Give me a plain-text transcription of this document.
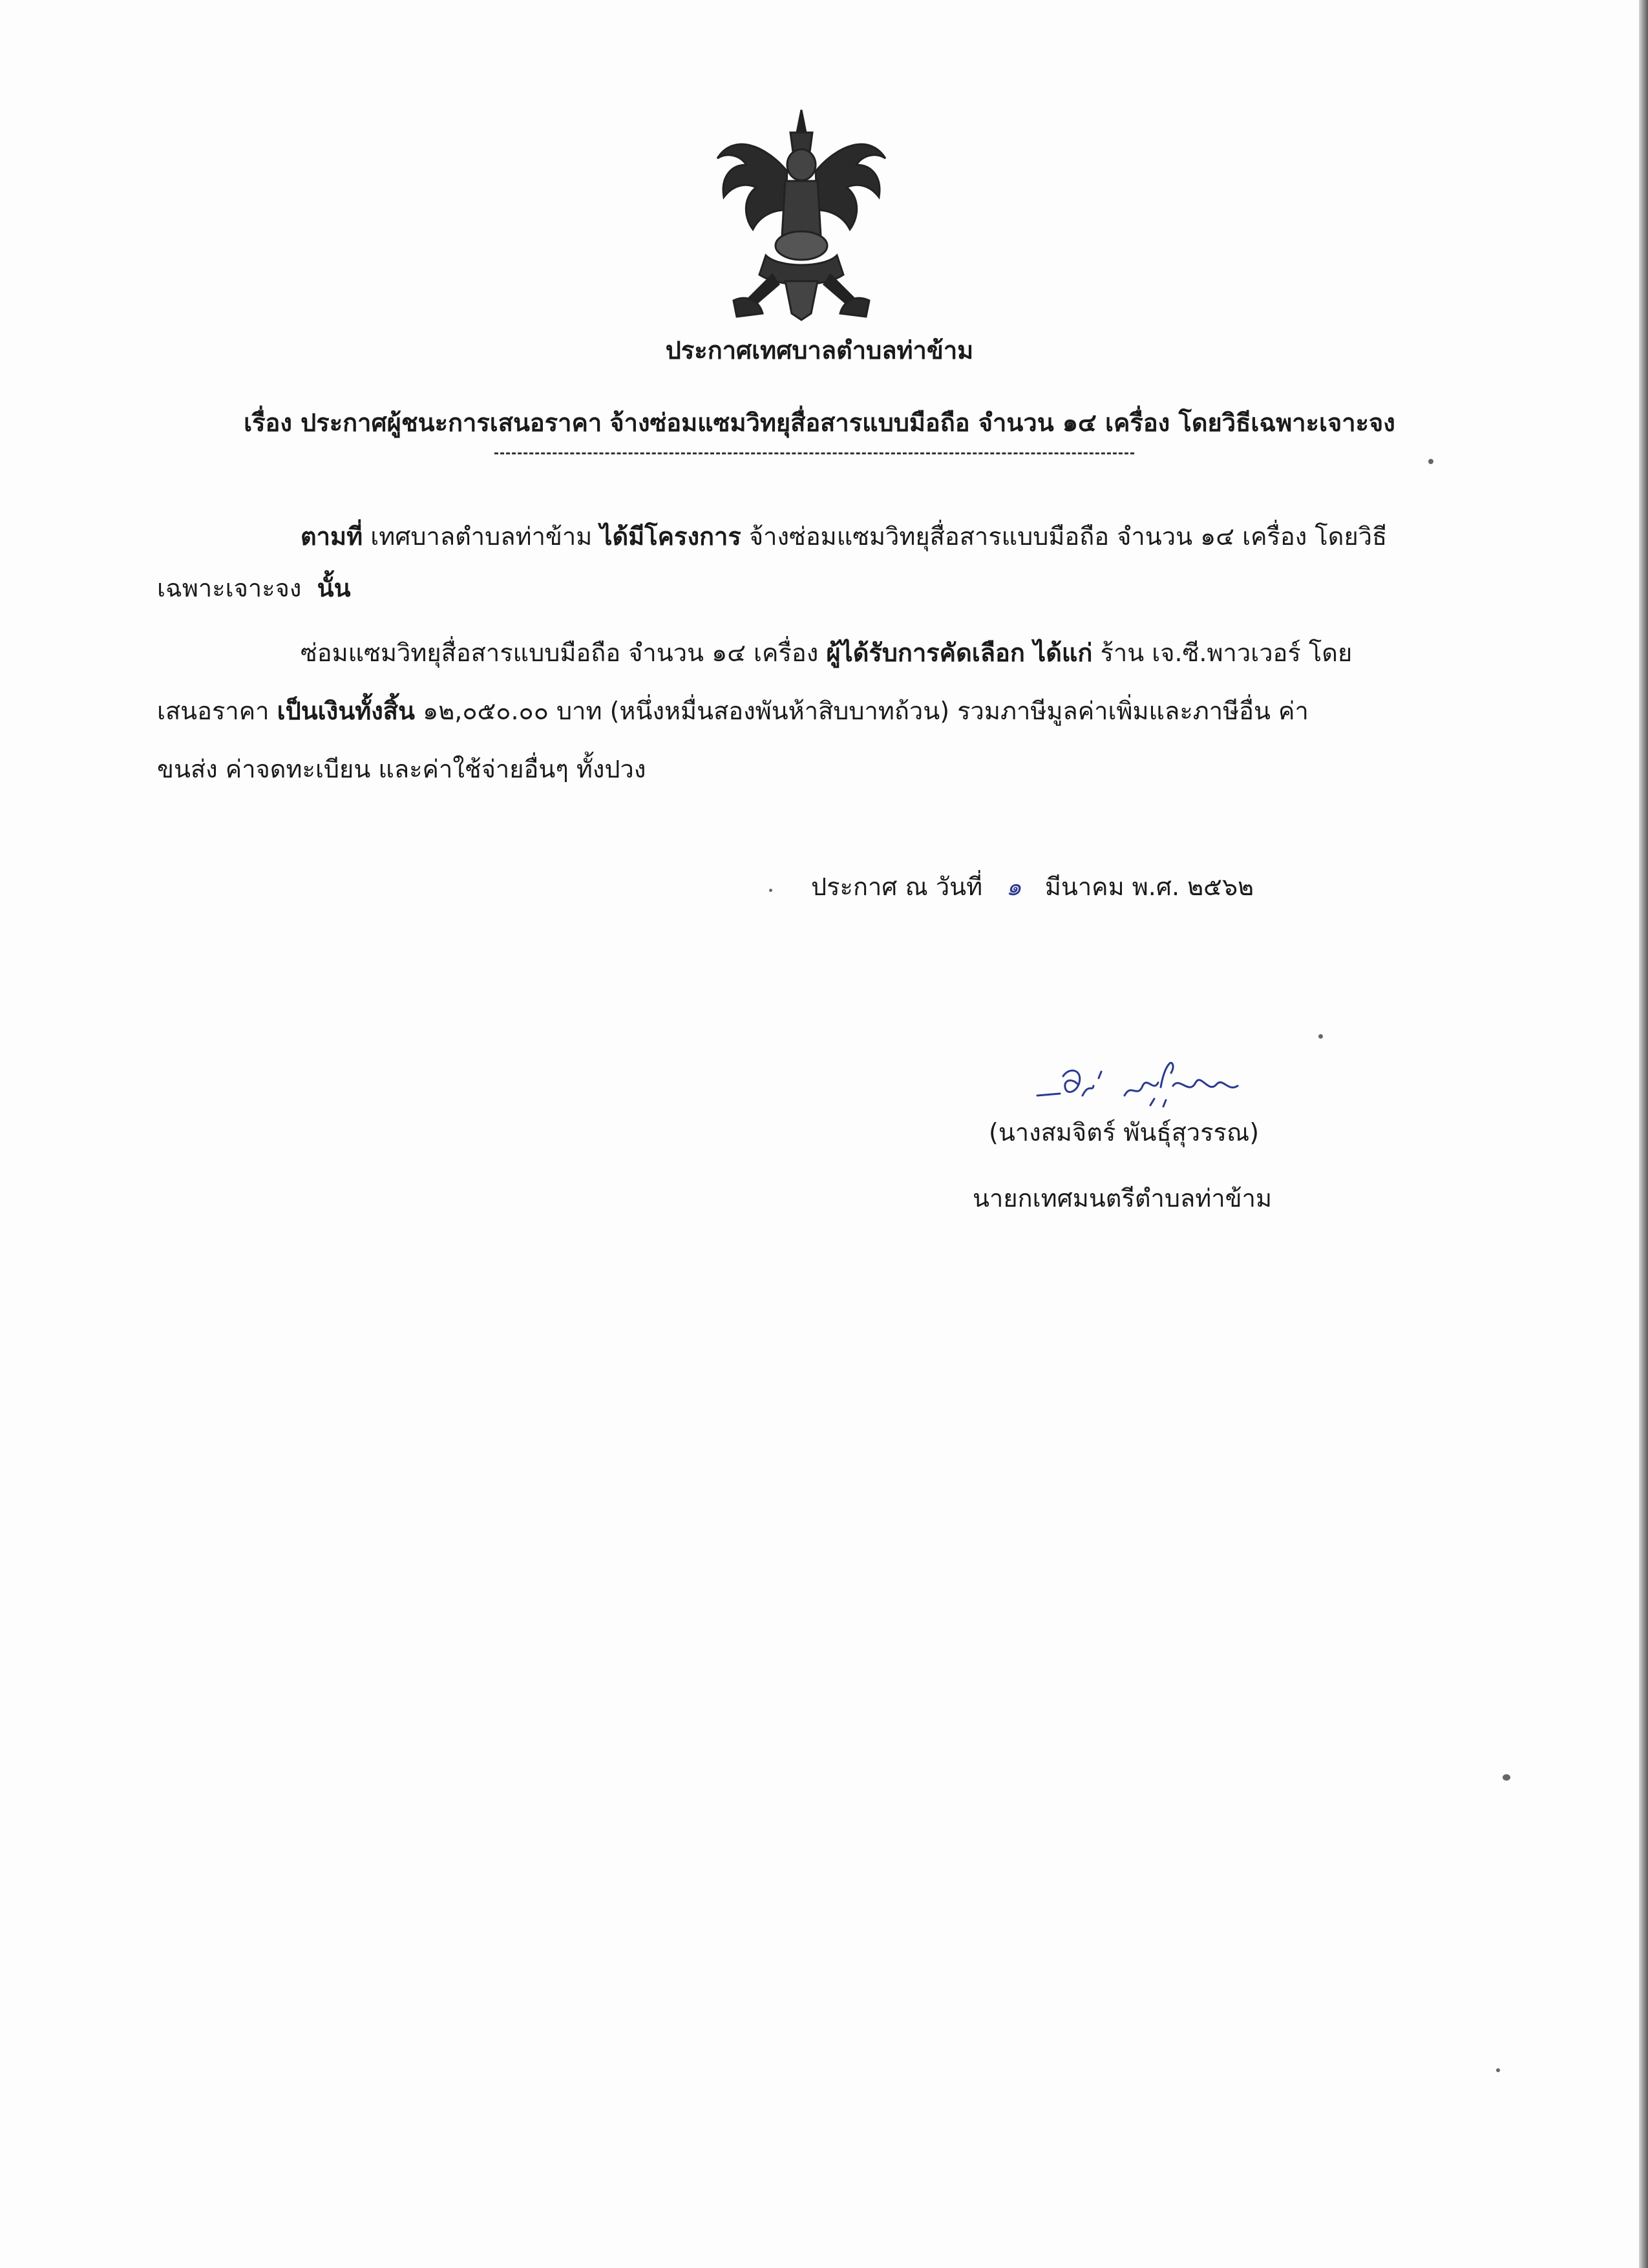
ประกาศเทศบาลตำบลท่าข้าม
เรื่อง ประกาศผู้ชนะการเสนอราคา จ้างซ่อมแซมวิทยุสื่อสารแบบมือถือ จำนวน ๑๔ เครื่อง โดยวิธีเฉพาะเจาะจง
ตามที่ เทศบาลตำบลท่าข้าม ได้มีโครงการ จ้างซ่อมแซมวิทยุสื่อสารแบบมือถือ จำนวน ๑๔ เครื่อง โดยวิธี
เฉพาะเจาะจง นั้น
ซ่อมแซมวิทยุสื่อสารแบบมือถือ จำนวน ๑๔ เครื่อง ผู้ได้รับการคัดเลือก ได้แก่ ร้าน เจ.ซี.พาวเวอร์ โดย
เสนอราคา เป็นเงินทั้งสิ้น ๑๒,๐๕๐.๐๐ บาท (หนึ่งหมื่นสองพันห้าสิบบาทถ้วน) รวมภาษีมูลค่าเพิ่มและภาษีอื่น ค่า
ขนส่ง ค่าจดทะเบียน และค่าใช้จ่ายอื่นๆ ทั้งปวง
ประกาศ ณ วันที่ ๑ มีนาคม พ.ศ. ๒๕๖๒
(นางสมจิตร์ พันธุ์สุวรรณ)
นายกเทศมนตรีตำบลท่าข้าม
